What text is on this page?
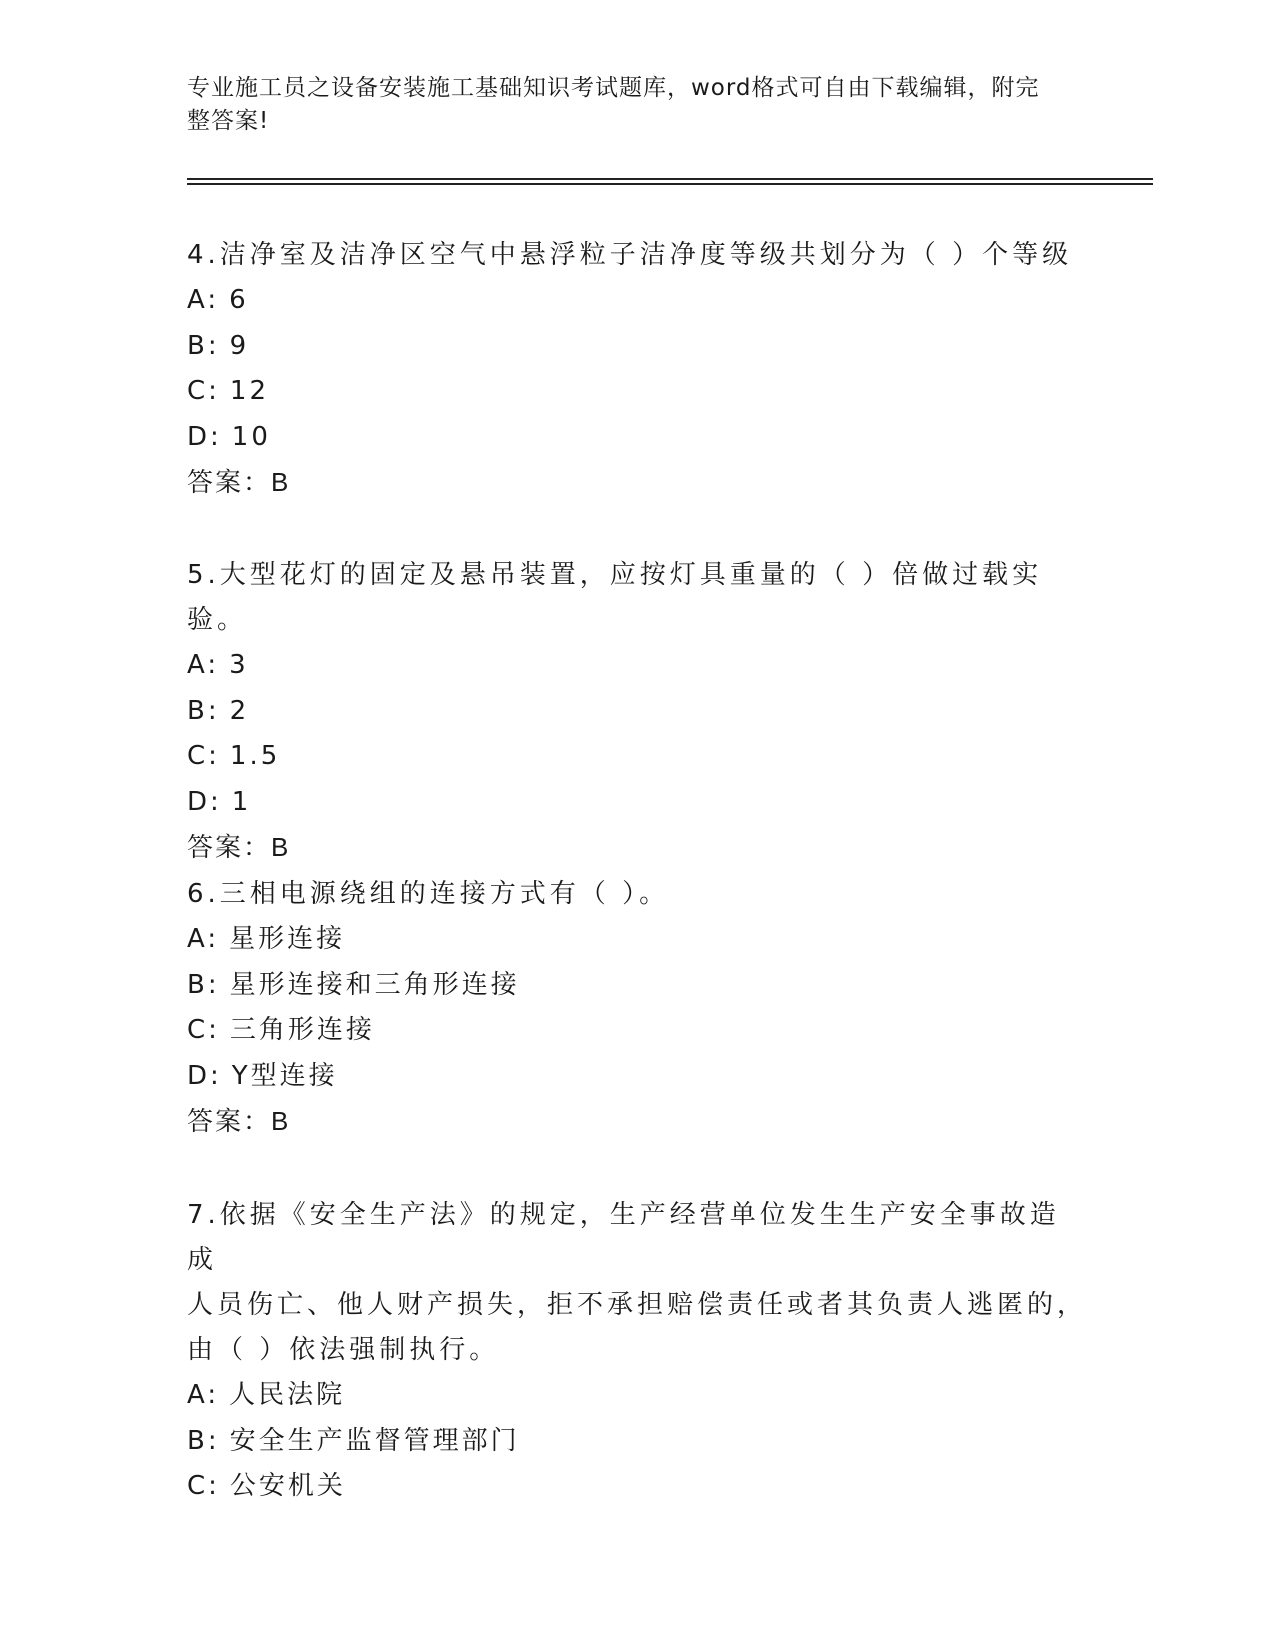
专业施工员之设备安装施工基础知识考试题库，word格式可自由下载编辑，附完
整答案!

4.洁净室及洁净区空气中悬浮粒子洁净度等级共划分为（ ）个等级

A: 6

B: 9

C: 12

D: 10

答案：B

5.大型花灯的固定及悬吊装置，应按灯具重量的（ ）倍做过载实验。

A: 3

B: 2

C: 1.5

D: 1

答案：B

6.三相电源绕组的连接方式有（ ）。

A: 星形连接

B: 星形连接和三角形连接

C: 三角形连接

D: Y型连接

答案：B

7.依据《安全生产法》的规定，生产经营单位发生生产安全事故造成

人员伤亡、他人财产损失，拒不承担赔偿责任或者其负责人逃匿的，

由（ ）依法强制执行。

A: 人民法院

B: 安全生产监督管理部门

C: 公安机关
